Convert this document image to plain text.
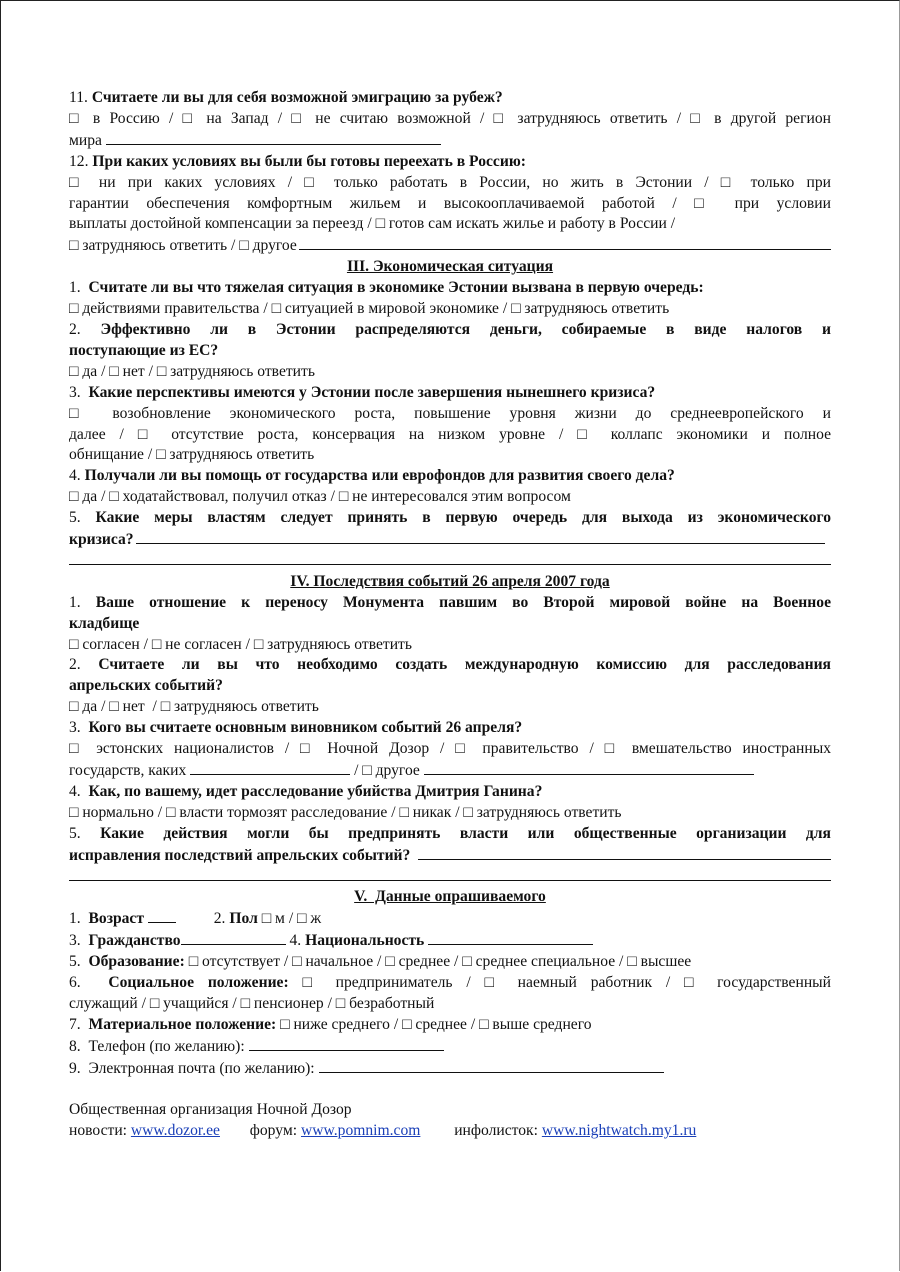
11. Считаете ли вы для себя возможной эмиграцию за рубеж?
□ в Россию / □ на Запад / □ не считаю возможной / □ затрудняюсь ответить / □ в другой регион
мира
12. При каких условиях вы были бы готовы переехать в Россию:
□ ни при каких условиях / □ только работать в России, но жить в Эстонии / □ только при
гарантии обеспечения комфортным жильем и высокооплачиваемой работой / □ при условии
выплаты достойной компенсации за переезд / □ готов сам искать жилье и работу в России /
□ затрудняюсь ответить / □ другое
III. Экономическая ситуация
1. Считате ли вы что тяжелая ситуация в экономике Эстонии вызвана в первую очередь:
□ действиями правительства / □ ситуацией в мировой экономике / □ затрудняюсь ответить
2. Эффективно ли в Эстонии распределяются деньги, собираемые в виде налогов и
поступающие из ЕС?
□ да / □ нет / □ затрудняюсь ответить
3. Какие перспективы имеются у Эстонии после завершения нынешнего кризиса?
□ возобновление экономического роста, повышение уровня жизни до среднеевропейского и
далее / □ отсутствие роста, консервация на низком уровне / □ коллапс экономики и полное
обнищание / □ затрудняюсь ответить
4. Получали ли вы помощь от государства или еврофондов для развития своего дела?
□ да / □ ходатайствовал, получил отказ / □ не интересовался этим вопросом
5. Какие меры властям следует принять в первую очередь для выхода из экономического
кризиса?
IV. Последствия событий 26 апреля 2007 года
1. Ваше отношение к переносу Монумента павшим во Второй мировой войне на Военное
кладбище
□ согласен / □ не согласен / □ затрудняюсь ответить
2. Считаете ли вы что необходимо создать международную комиссию для расследования
апрельских событий?
□ да / □ нет  / □ затрудняюсь ответить
3. Кого вы считаете основным виновником событий 26 апреля?
□ эстонских националистов / □ Ночной Дозор / □ правительство / □ вмешательство иностранных
государств, каких	/ □ другое
4. Как, по вашему, идет расследование убийства Дмитрия Ганина?
□ нормально / □ власти тормозят расследование / □ никак / □ затрудняюсь ответить
5. Какие действия могли бы предпринять власти или общественные организации для
исправления последствий апрельских событий?
V.  Данные опрашиваемого
1. Возраст	2. Пол □ м / □ ж
3. Гражданство	4. Национальность
5. Образование: □ отсутствует / □ начальное / □ среднее / □ среднее специальное / □ высшее
6. Социальное положение: □ предприниматель / □ наемный работник / □ государственный
служащий / □ учащийся / □ пенсионер / □ безработный
7. Материальное положение: □ ниже среднего / □ среднее / □ выше среднего
8. Телефон (по желанию):
9. Электронная почта (по желанию):
Общественная организация Ночной Дозор
новости: www.dozor.ee форум: www.pomnim.com инфолисток: www.nightwatch.my1.ru
